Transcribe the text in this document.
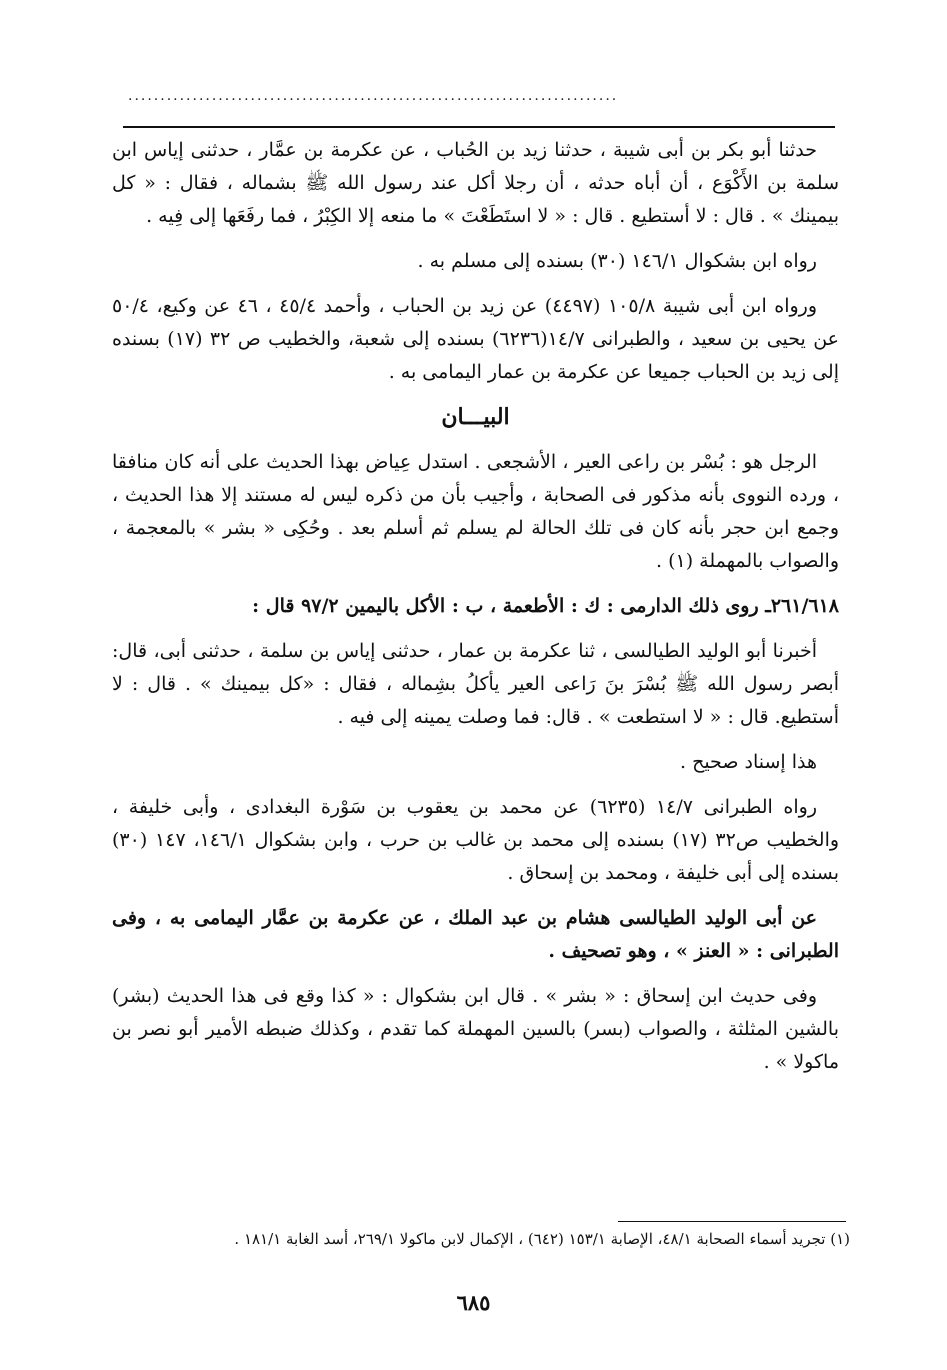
............................................................................

حدثنا أبو بكر بن أبى شيبة ، حدثنا زيد بن الحُباب ، عن عكرمة بن عمَّار ، حدثنى إياس ابن سلمة بن الأَكْوَع ، أن أباه حدثه ، أن رجلا أكل عند رسول الله ﷺ بشماله ، فقال : « كل بيمينك » . قال : لا أستطيع . قال : « لا استَطَعْتَ » ما منعه إلا الكِبْرُ ، فما رفَعَها إلى فِيه .

رواه ابن بشكوال ١٤٦/١ (٣٠) بسنده إلى مسلم به .

ورواه ابن أبى شيبة ١٠٥/٨ (٤٤٩٧) عن زيد بن الحباب ، وأحمد ٤٥/٤ ، ٤٦ عن وكيع، ٥٠/٤ عن يحيى بن سعيد ، والطبرانى ١٤/٧(٦٢٣٦) بسنده إلى شعبة، والخطيب ص ٣٢ (١٧) بسنده إلى زيد بن الحباب جميعا عن عكرمة بن عمار اليمامى به .

البيـــان

الرجل هو : بُسْر بن راعى العير ، الأشجعى . استدل عِياض بهذا الحديث على أنه كان منافقا ، ورده النووى بأنه مذكور فى الصحابة ، وأجيب بأن من ذكره ليس له مستند إلا هذا الحديث ، وجمع ابن حجر بأنه كان فى تلك الحالة لم يسلم ثم أسلم بعد . وحُكِى « بشر » بالمعجمة ، والصواب بالمهملة (١) .

٢٦١/٦١٨ـ روى ذلك الدارمى : ك : الأطعمة ، ب : الأكل باليمين ٩٧/٢ قال :

أخبرنا أبو الوليد الطيالسى ، ثنا عكرمة بن عمار ، حدثنى إياس بن سلمة ، حدثنى أبى، قال: أبصر رسول الله ﷺ بُسْرَ بنَ رَاعى العير يأكلُ بشِماله ، فقال : «كل بيمينك » . قال : لا أستطيع. قال : « لا استطعت » . قال: فما وصلت يمينه إلى فيه .

هذا إسناد صحيح .

رواه الطبرانى ١٤/٧ (٦٢٣٥) عن محمد بن يعقوب بن سَوْرة البغدادى ، وأبى خليفة ، والخطيب ص٣٢ (١٧) بسنده إلى محمد بن غالب بن حرب ، وابن بشكوال ١٤٦/١، ١٤٧ (٣٠) بسنده إلى أبى خليفة ، ومحمد بن إسحاق .

عن أبى الوليد الطيالسى هشام بن عبد الملك ، عن عكرمة بن عمَّار اليمامى به ، وفى الطبرانى : « العنز » ، وهو تصحيف .

وفى حديث ابن إسحاق : « بشر » . قال ابن بشكوال : « كذا وقع فى هذا الحديث (بشر) بالشين المثلثة ، والصواب (بسر) بالسين المهملة كما تقدم ، وكذلك ضبطه الأمير أبو نصر بن ماكولا » .

(١) تجريد أسماء الصحابة ٤٨/١، الإصابة ١٥٣/١ (٦٤٢) ، الإكمال لابن ماكولا ٢٦٩/١، أسد الغابة ١٨١/١ .
٦٨٥
